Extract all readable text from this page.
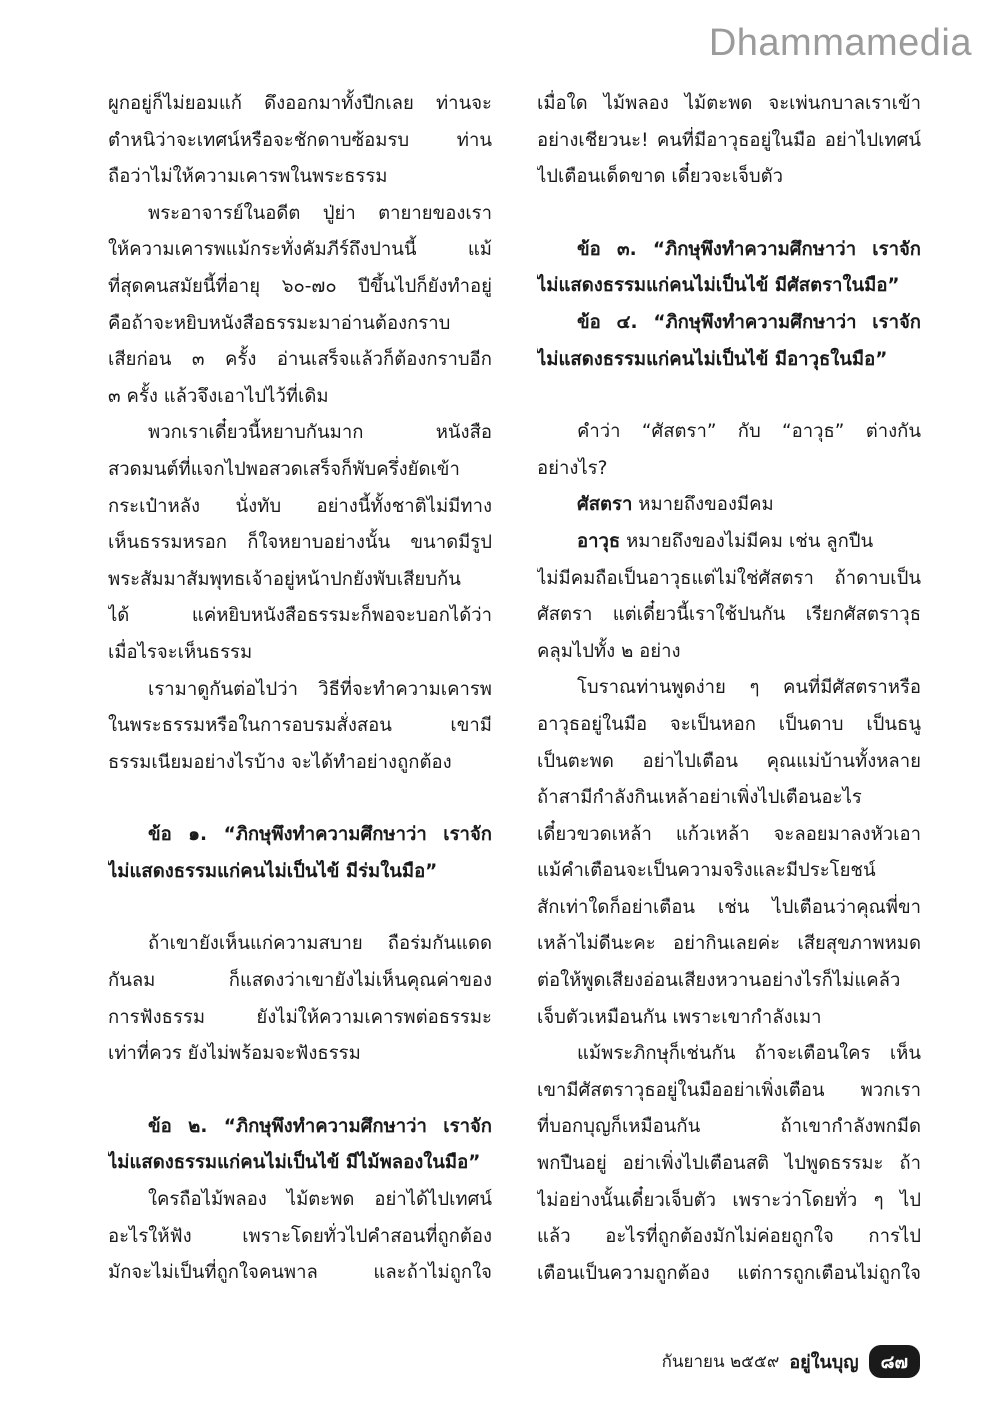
Dhammamedia
ผูกอยู่ก็ไม่ยอมแก้ ดึงออกมาทั้งปีกเลย ท่านจะ
ตำหนิว่าจะเทศน์หรือจะชักดาบซ้อมรบ ท่าน
ถือว่าไม่ให้ความเคารพในพระธรรม
พระอาจารย์ในอดีต ปู่ย่า ตายายของเรา
ให้ความเคารพแม้กระทั่งคัมภีร์ถึงปานนี้ แม้
ที่สุดคนสมัยนี้ที่อายุ ๖๐-๗๐ ปีขึ้นไปก็ยังทำอยู่
คือถ้าจะหยิบหนังสือธรรมะมาอ่านต้องกราบ
เสียก่อน ๓ ครั้ง อ่านเสร็จแล้วก็ต้องกราบอีก
๓ ครั้ง แล้วจึงเอาไปไว้ที่เดิม
พวกเราเดี๋ยวนี้หยาบกันมาก หนังสือ
สวดมนต์ที่แจกไปพอสวดเสร็จก็พับครึ่งยัดเข้า
กระเป๋าหลัง นั่งทับ อย่างนี้ทั้งชาติไม่มีทาง
เห็นธรรมหรอก ก็ใจหยาบอย่างนั้น ขนาดมีรูป
พระสัมมาสัมพุทธเจ้าอยู่หน้าปกยังพับเสียบก้น
ได้ แค่หยิบหนังสือธรรมะก็พอจะบอกได้ว่า
เมื่อไรจะเห็นธรรม
เรามาดูกันต่อไปว่า วิธีที่จะทำความเคารพ
ในพระธรรมหรือในการอบรมสั่งสอน เขามี
ธรรมเนียมอย่างไรบ้าง จะได้ทำอย่างถูกต้อง
ข้อ ๑. “ภิกษุพึงทำความศึกษาว่า เราจัก
ไม่แสดงธรรมแก่คนไม่เป็นไข้ มีร่มในมือ”
ถ้าเขายังเห็นแก่ความสบาย ถือร่มกันแดด
กันลม ก็แสดงว่าเขายังไม่เห็นคุณค่าของ
การฟังธรรม ยังไม่ให้ความเคารพต่อธรรมะ
เท่าที่ควร ยังไม่พร้อมจะฟังธรรม
ข้อ ๒. “ภิกษุพึงทำความศึกษาว่า เราจัก
ไม่แสดงธรรมแก่คนไม่เป็นไข้ มีไม้พลองในมือ”
ใครถือไม้พลอง ไม้ตะพด อย่าได้ไปเทศน์
อะไรให้ฟัง เพราะโดยทั่วไปคำสอนที่ถูกต้อง
มักจะไม่เป็นที่ถูกใจคนพาล และถ้าไม่ถูกใจ
เมื่อใด ไม้พลอง ไม้ตะพด จะเพ่นกบาลเราเข้า
อย่างเชียวนะ! คนที่มีอาวุธอยู่ในมือ อย่าไปเทศน์
ไปเตือนเด็ดขาด เดี๋ยวจะเจ็บตัว
ข้อ ๓. “ภิกษุพึงทำความศึกษาว่า เราจัก
ไม่แสดงธรรมแก่คนไม่เป็นไข้ มีศัสตราในมือ”
ข้อ ๔. “ภิกษุพึงทำความศึกษาว่า เราจัก
ไม่แสดงธรรมแก่คนไม่เป็นไข้ มีอาวุธในมือ”
คำว่า “ศัสตรา” กับ “อาวุธ” ต่างกัน
อย่างไร?
ศัสตรา หมายถึงของมีคม
อาวุธ หมายถึงของไม่มีคม เช่น ลูกปืน
ไม่มีคมถือเป็นอาวุธแต่ไม่ใช่ศัสตรา ถ้าดาบเป็น
ศัสตรา แต่เดี๋ยวนี้เราใช้ปนกัน เรียกศัสตราวุธ
คลุมไปทั้ง ๒ อย่าง
โบราณท่านพูดง่าย ๆ คนที่มีศัสตราหรือ
อาวุธอยู่ในมือ จะเป็นหอก เป็นดาบ เป็นธนู
เป็นตะพด อย่าไปเตือน คุณแม่บ้านทั้งหลาย
ถ้าสามีกำลังกินเหล้าอย่าเพิ่งไปเตือนอะไร
เดี๋ยวขวดเหล้า แก้วเหล้า จะลอยมาลงหัวเอา
แม้คำเตือนจะเป็นความจริงและมีประโยชน์
สักเท่าใดก็อย่าเตือน เช่น ไปเตือนว่าคุณพี่ขา
เหล้าไม่ดีนะคะ อย่ากินเลยค่ะ เสียสุขภาพหมด
ต่อให้พูดเสียงอ่อนเสียงหวานอย่างไรก็ไม่แคล้ว
เจ็บตัวเหมือนกัน เพราะเขากำลังเมา
แม้พระภิกษุก็เช่นกัน ถ้าจะเตือนใคร เห็น
เขามีศัสตราวุธอยู่ในมืออย่าเพิ่งเตือน พวกเรา
ที่บอกบุญก็เหมือนกัน ถ้าเขากำลังพกมีด
พกปืนอยู่ อย่าเพิ่งไปเตือนสติ ไปพูดธรรมะ ถ้า
ไม่อย่างนั้นเดี๋ยวเจ็บตัว เพราะว่าโดยทั่ว ๆ ไป
แล้ว อะไรที่ถูกต้องมักไม่ค่อยถูกใจ การไป
เตือนเป็นความถูกต้อง แต่การถูกเตือนไม่ถูกใจ
กันยายน ๒๕๕๙ อยู่ในบุญ	๘๗
